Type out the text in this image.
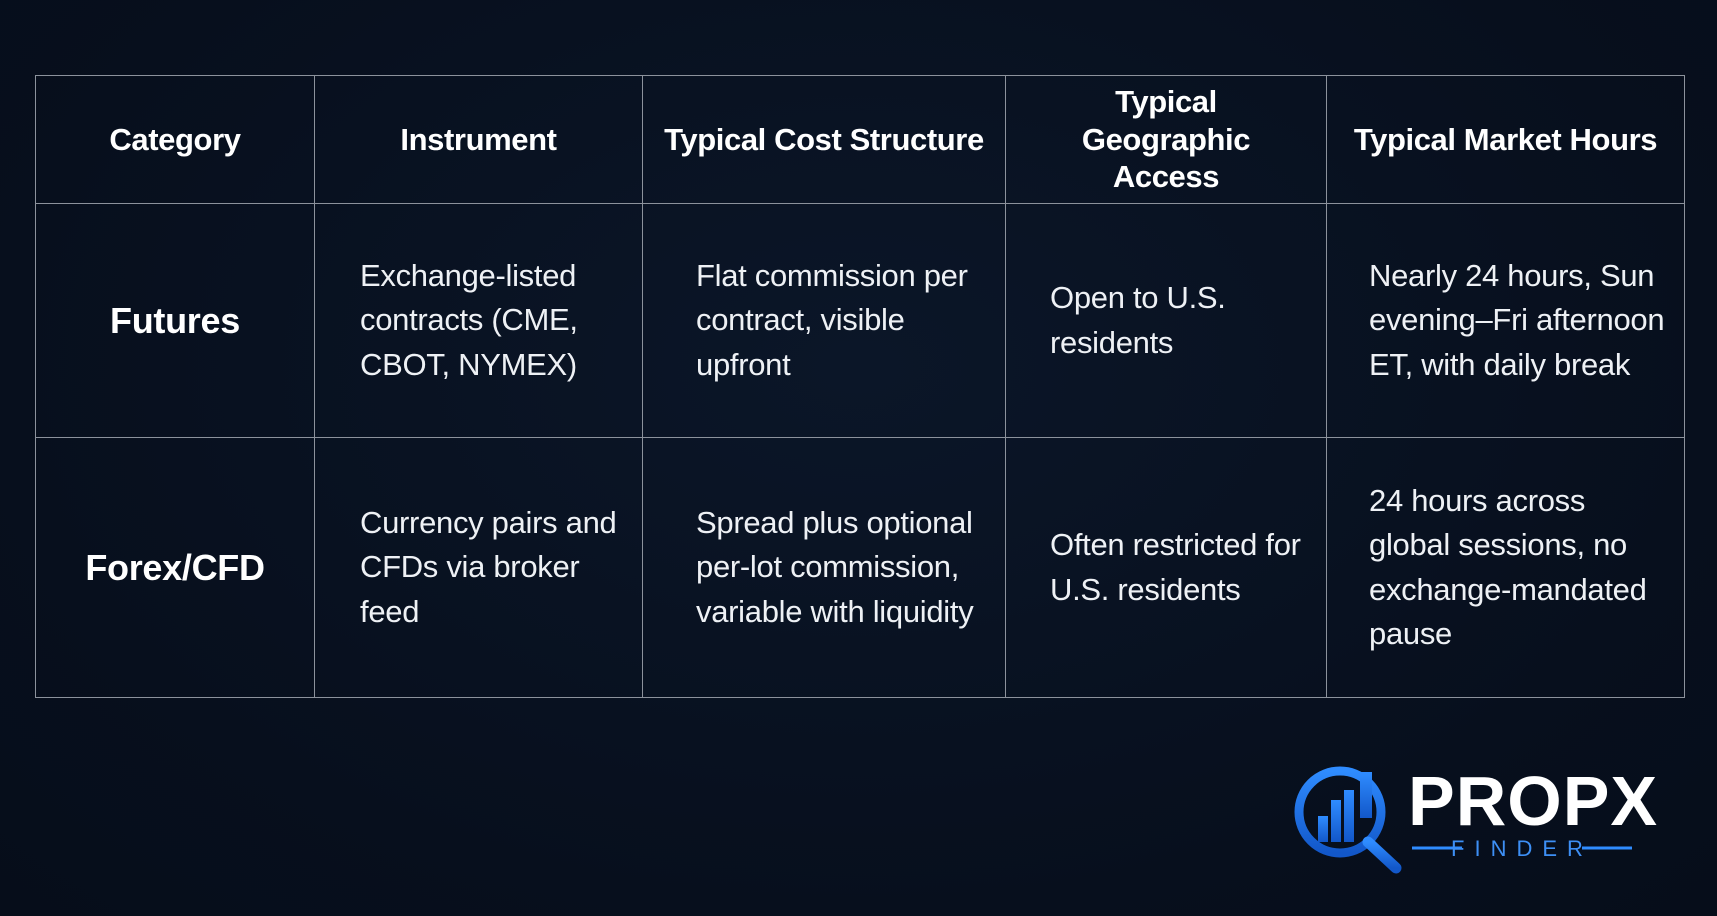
Category	Instrument	Typical Cost Structure	Typical Geographic Access	Typical Market Hours
Futures	Exchange-listed contracts (CME, CBOT, NYMEX)	Flat commission per contract, visible upfront	Open to U.S. residents	Nearly 24 hours, Sun evening–Fri afternoon ET, with daily break

Forex/CFD	Currency pairs and CFDs via broker feed	Spread plus optional per-lot commission, variable with liquidity	Often restricted for U.S. residents	24 hours across global sessions, no exchange-mandated pause
PROPX
FINDER
